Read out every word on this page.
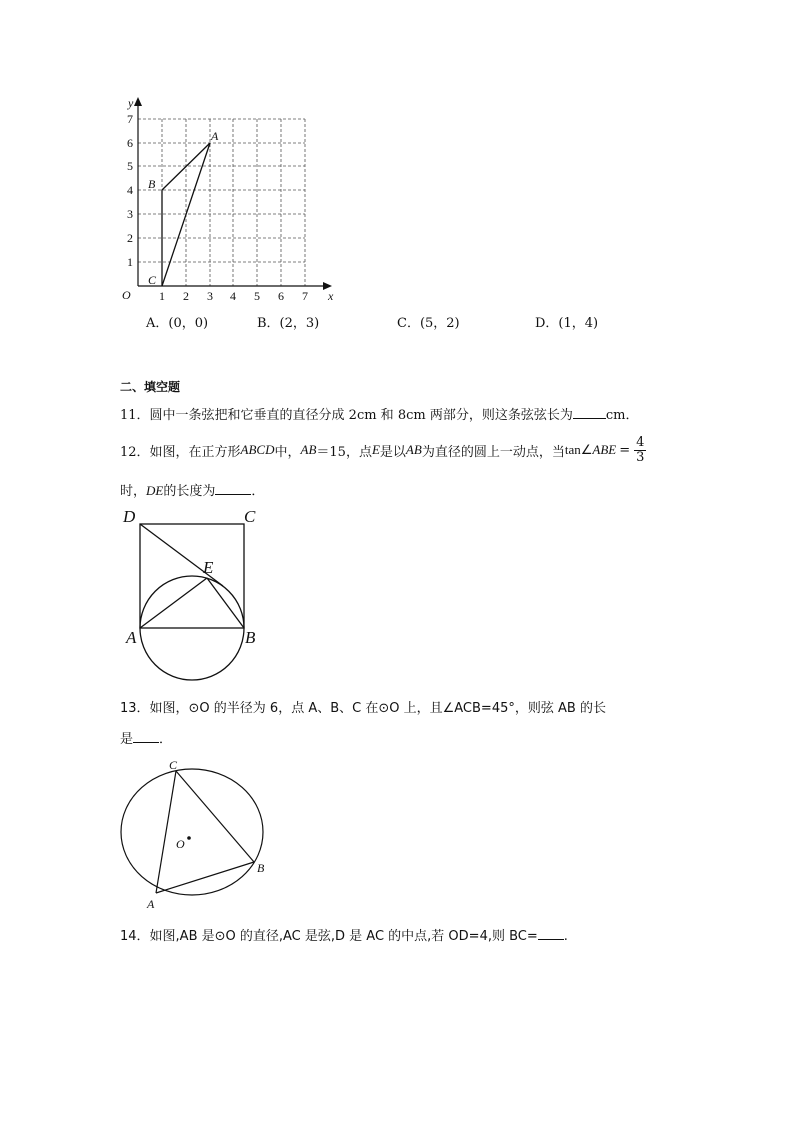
1 2 3 4 5 6 7
1
2
3
4
5
6
7
O	x
y
A
B
C
A．(0，0)	B．(2，3)	C．(5，2)	D．(1，4)
二、填空题
11．圆中一条弦把和它垂直的直径分成 2cm 和 8cm 两部分，则这条弦弦长为	cm．
12．如图，在正方形 ABCD 中， AB ＝15，点 E 是以 AB 为直径的圆上一动点，当 tan∠ ABE = $\frac{4}{3}$
时，DE的长度为	．
D	C
E
A	B
13．如图，⊙O 的半径为 6，点 A、B、C 在⊙O 上，且∠ACB=45°，则弦 AB 的长
是 ．
C
O
B
A
14．如图,AB 是⊙O 的直径,AC 是弦,D 是 AC 的中点,若 OD=4,则 BC= .
